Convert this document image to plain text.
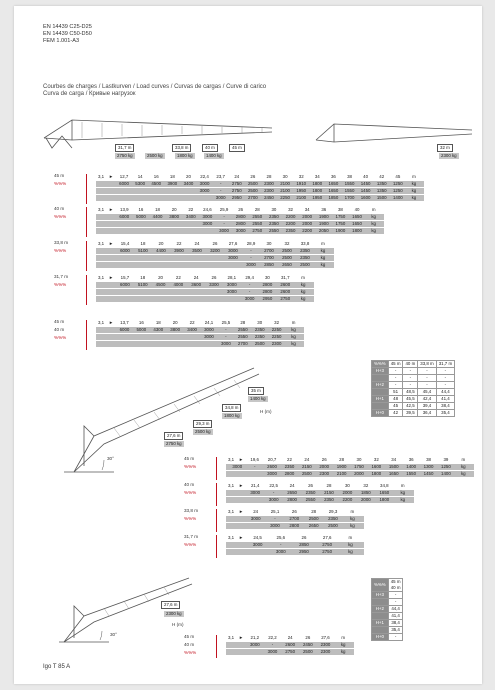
EN 14439 C25-D25
EN 14439 C50-D50
FEM 1.001-A3
Courbes de charges / Lastkurven / Load curves / Curvas de cargas / Curve di carico
Curva de carga / Кривые нагрузок
31,7 m	33,8 m	40 m	45 m
2750 kg	2500 kg	1800 kg	1400 kg
32 m
2300 kg
45 m
%%%
3,1	►	12,7	14	16	18	20	22,4	23,7	24	26	28	30	32	34	36	38	40	42	45	m
6000	5300	4500	3900	3400	3000	-	2750	2500	2300	2100	1910	1800	1650	1550	1450	1350	1250	kg
3000	-	2750	2500	2300	2100	1950	1800	1650	1550	1450	1350	1250	kg
3000	2950	2700	2450	2250	2100	1950	1850	1700	1600	1500	1400	kg
40 m
%%%
3,1	►	13,9	16	18	20	22	24,6	25,9	26	28	30	32	34	36	38	40	m
6000	5000	4400	3800	3400	3000	-	2800	2550	2350	2200	2000	1900	1750	1650	kg
3000	-	2800	2550	2350	2200	2000	1900	1750	1650	kg
3000	3000	2750	2550	2350	2200	2050	1900	1800	kg
33,8 m
%%%
3,1	►	15,4	18	20	22	24	26	27,6	28,9	30	32	33,8	m
6000	5100	4400	3900	3500	3200	3000	-	2700	2500	2350	kg
3000	-	2700	2500	2350	kg
3000	2850	2650	2500	kg
31,7 m
%%%
3,1	►	15,7	18	20	22	24	26	28,1	29,4	30	31,7	m
6000	5100	4500	4000	3600	3300	3000	-	2800	2600	kg
3000	-	2800	2600	kg
3000	2950	2750	kg
45 m
40 m
%%%
3,1	►	13,7	16	18	20	22	24,1	25,5	28	30	32	m
6000	5000	4300	3800	3400	3000	-	2550	2350	2250	kg
3000	-	2550	2350	2250	kg
3000	2700	2500	2300	kg
%%%	45 m	40 m	33,8 m	31,7 m
H+3	-	-	-	-
	-	-	-	-
H+2	-	-	-	-
	51	48,5	45,4	44,4
H+1	48	45,5	42,4	41,4
	45	42,5	39,4	38,4
H+0	42	39,5	36,4	35,4
30°
35 m
1400 kg
34,8 m
1800 kg
H (m)
29,3 m
2500 kg
27,6 m
2750 kg
45 m
%%%
3,1	►	19,6	20,7	22	24	26	28	30	32	34	36	38	39	m
3000	-	2600	2350	2150	2000	1900	1750	1600	1500	1400	1300	1250	kg
3000	2800	2500	2300	2100	2000	1800	1650	1550	1450	1400	kg
40 m
%%%
3,1	►	21,4	22,5	24	26	28	30	32	34,8	m
3000	-	2650	2350	2150	2000	1850	1650	kg
3000	2800	2550	2350	2200	2000	1800	kg
33,8 m
%%%
3,1	►	24	25,1	26	28	29,3	m
3000	-	2700	2500	2350	kg
3000	2800	2650	2500	kg
31,7 m
%%%
3,1	►	24,5	25,6	26	27,6	m
3000	-	2850	2750	kg
3000	2950	2750	kg
%%%	45 m
40 m
H+3	-
	-
H+2	44,4
	41,4
H+1	38,4
	35,4
H+0	-
30°
27,6 m
2300 kg
H (m)
45 m
40 m
%%%
3,1	►	21,2	22,2	24	26	27,6	m
3000	-	2600	2450	2300	kg
3000	2750	2500	2300	kg
Igo T 85 A
